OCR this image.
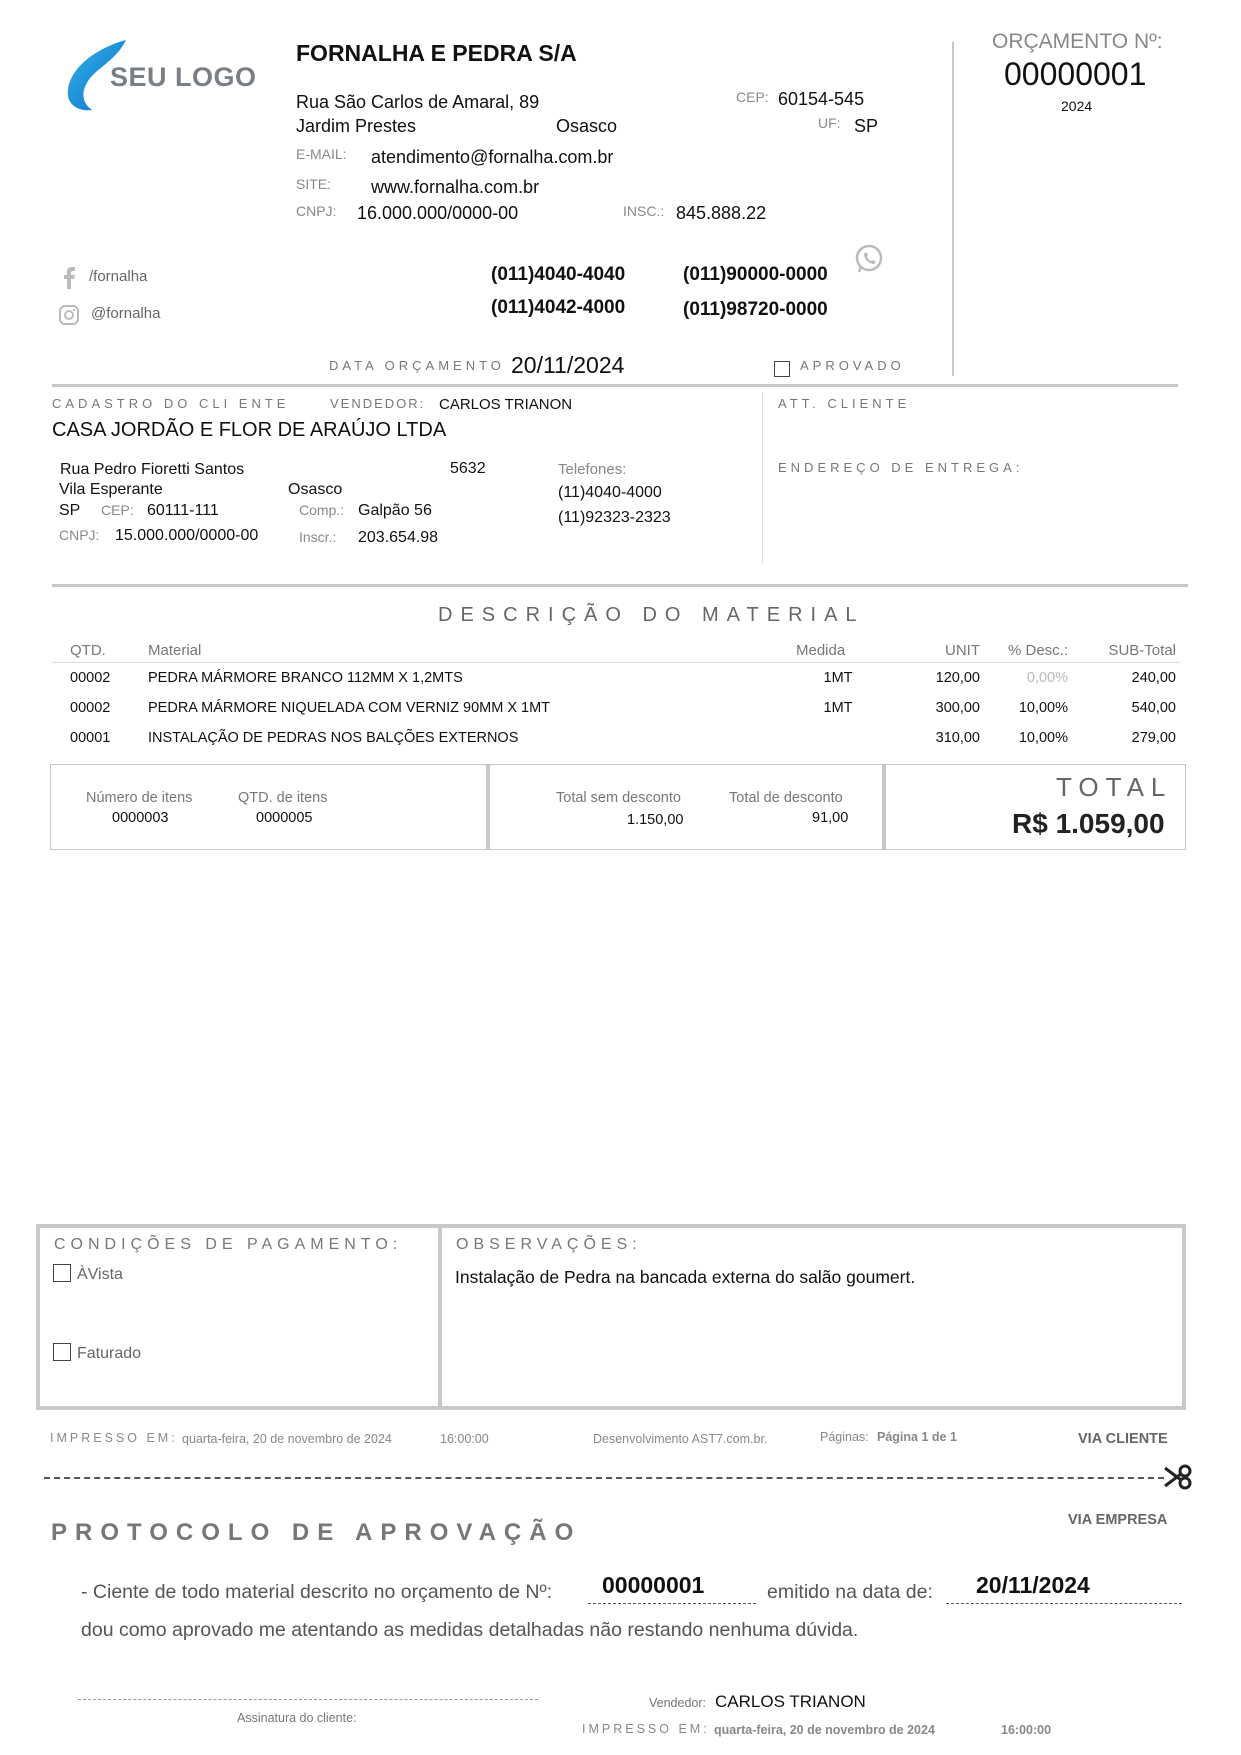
SEU LOGO
FORNALHA E PEDRA S/A
Rua São Carlos de Amaral, 89
Jardim Prestes	Osasco
CEP: 60154-545
UF: SP
E-MAIL: atendimento@fornalha.com.br
SITE: www.fornalha.com.br
CNPJ: 16.000.000/0000-00	INSC.: 845.888.22
/fornalha
@fornalha
(011)4040-4040
(011)4042-4000
(011)90000-0000
(011)98720-0000
ORÇAMENTO Nº:
00000001
2024
DATA ORÇAMENTO 20/11/2024	APROVADO
CADASTRO DO CLI ENTE	VENDEDOR: CARLOS TRIANON
CASA JORDÃO E FLOR DE ARAÚJO LTDA
Rua Pedro Fioretti Santos	5632
Vila Esperante	Osasco
SP CEP: 60111-111	Comp.: Galpão 56
CNPJ: 15.000.000/0000-00	Inscr.: 203.654.98
Telefones:
(11)4040-4000
(11)92323-2323
ATT. CLIENTE
ENDEREÇO DE ENTREGA:
DESCRIÇÃO DO MATERIAL
QTD.	Material	Medida	UNIT	% Desc.:	SUB-Total
00002	PEDRA MÁRMORE BRANCO 112MM X 1,2MTS	1MT	120,00	0,00%	240,00
00002	PEDRA MÁRMORE NIQUELADA COM VERNIZ 90MM X 1MT	1MT	300,00	10,00%	540,00
00001	INSTALAÇÃO DE PEDRAS NOS BALÇÕES EXTERNOS		310,00	10,00%	279,00
Número de itens
0000003
QTD. de itens
0000005
Total sem desconto
1.150,00
Total de desconto
91,00
TOTAL
R$ 1.059,00
CONDIÇÕES DE PAGAMENTO:
ÀVista
Faturado
OBSERVAÇÕES:
Instalação de Pedra na bancada externa do salão goumert.
IMPRESSO EM: quarta-feira, 20 de novembro de 2024	16:00:00	Desenvolvimento AST7.com.br.	Páginas: Página 1 de 1	VIA CLIENTE
PROTOCOLO DE APROVAÇÃO	VIA EMPRESA
- Ciente de todo material descrito no orçamento de Nº: 00000001	emitido na data de: 20/11/2024
dou como aprovado me atentando as medidas detalhadas não restando nenhuma dúvida.
Assinatura do cliente:
Vendedor: CARLOS TRIANON
IMPRESSO EM: quarta-feira, 20 de novembro de 2024	16:00:00
